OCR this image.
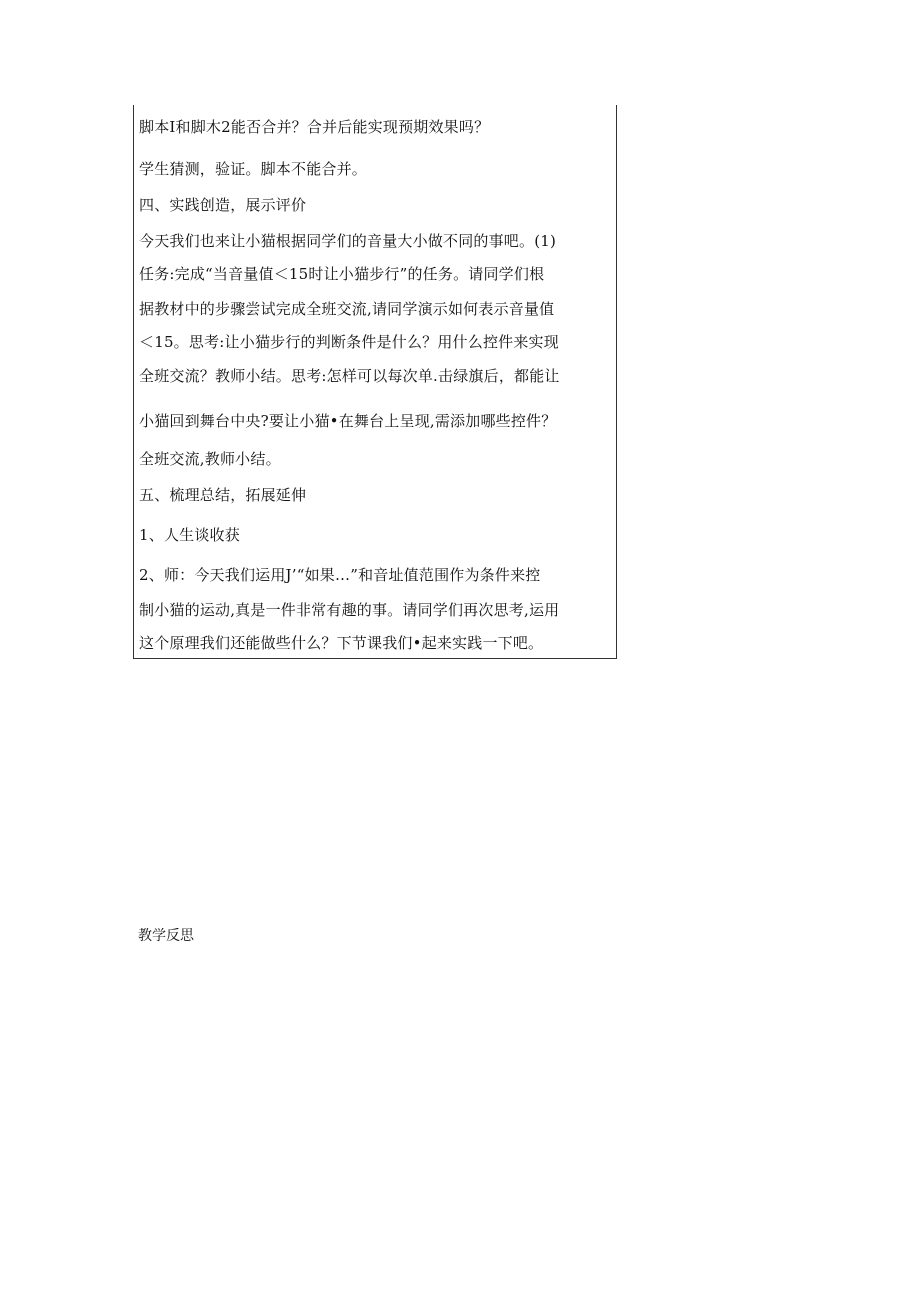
脚本I和脚木2能否合并？合并后能实现预期效果吗？
学生猜测，验证。脚本不能合并。
四、实践创造，展示评价
今天我们也来让小猫根据同学们的音量大小做不同的事吧。(1)
任务:完成“当音量值＜15时让小猫步行”的任务。请同学们根
据教材中的步骤尝试完成全班交流,请同学演示如何表示音量值
＜15。思考:让小猫步行的判断条件是什么？用什么控件来实现
全班交流？教师小结。思考:怎样可以每次单.击绿旗后，都能让
小猫回到舞台中央?要让小猫•在舞台上呈现,需添加哪些控件？
全班交流,教师小结。
五、梳理总结，拓展延伸
1、人生谈收获
2、师：今天我们运用J’“如果…”和音址值范围作为条件来控
制小猫的运动,真是一件非常有趣的事。请同学们再次思考,运用
这个原理我们还能做些什么？下节课我们•起来实践一下吧。
教学反思
